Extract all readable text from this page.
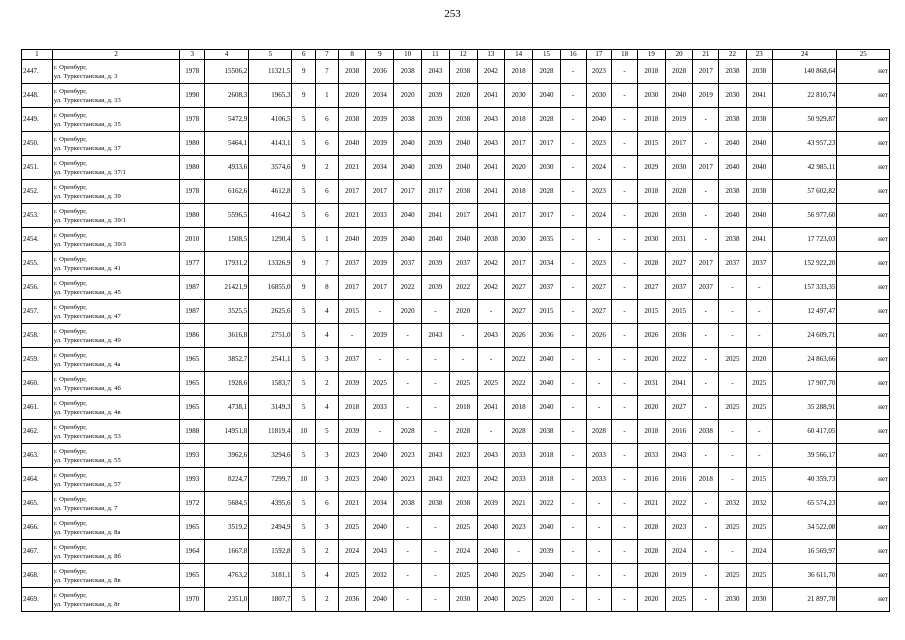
253
1	2	3	4	5	6	7	8	9	10	11	12	13	14	15	16	17	18	19	20	21	22	23	24	25
2447.	г. Оренбург,
ул. Туркестанская, д. 3	1978	15506,2	11321,5	9	7	2038	2036	2038	2043	2038	2042	2018	2028	-	2023	-	2018	2028	2017	2038	2038	140 868,64	нет
2448.	г. Оренбург,
ул. Туркестанская, д. 33	1990	2608,3	1965,3	9	1	2020	2034	2020	2039	2020	2041	2030	2040	-	2030	-	2030	2040	2019	2030	2041	22 810,74	нет
2449.	г. Оренбург,
ул. Туркестанская, д. 35	1978	5472,9	4106,5	5	6	2038	2039	2038	2039	2038	2043	2018	2028	-	2040	-	2018	2019	-	2038	2038	50 929,87	нет
2450.	г. Оренбург,
ул. Туркестанская, д. 37	1980	5464,1	4143,1	5	6	2040	2039	2040	2039	2040	2043	2017	2017	-	2023	-	2015	2017	-	2040	2040	43 957,23	нет
2451.	г. Оренбург,
ул. Туркестанская, д. 37/1	1980	4933,6	3574,6	9	2	2021	2034	2040	2039	2040	2041	2020	2030	-	2024	-	2029	2030	2017	2040	2040	42 985,11	нет
2452.	г. Оренбург,
ул. Туркестанская, д. 39	1978	6162,6	4612,8	5	6	2017	2017	2017	2017	2038	2041	2018	2028	-	2023	-	2018	2028	-	2038	2038	57 602,82	нет
2453.	г. Оренбург,
ул. Туркестанская, д. 39/1	1980	5596,5	4164,2	5	6	2021	2033	2040	2041	2017	2041	2017	2017	-	2024	-	2020	2030	-	2040	2040	56 977,60	нет
2454.	г. Оренбург,
ул. Туркестанская, д. 39/3	2010	1508,5	1290,4	5	1	2040	2039	2040	2040	2040	2038	2030	2035	-	-	-	2030	2031	-	2038	2041	17 723,03	нет
2455.	г. Оренбург,
ул. Туркестанская, д. 41	1977	17931,2	13326,9	9	7	2037	2039	2037	2039	2037	2042	2017	2034	-	2023	-	2028	2027	2017	2037	2037	152 922,20	нет
2456.	г. Оренбург,
ул. Туркестанская, д. 45	1987	21421,9	16855,0	9	8	2017	2017	2022	2039	2022	2042	2027	2037	-	2027	-	2027	2037	2037	-	-	157 333,35	нет
2457.	г. Оренбург,
ул. Туркестанская, д. 47	1987	3525,5	2625,6	5	4	2015	-	2020	-	2020	-	2027	2015	-	2027	-	2015	2015	-	-	-	12 497,47	нет
2458.	г. Оренбург,
ул. Туркестанская, д. 49	1986	3616,8	2751,0	5	4	-	2039	-	2043	-	2043	2026	2036	-	2026	-	2026	2036	-	-	-	24 609,71	нет
2459.	г. Оренбург,
ул. Туркестанская, д. 4а	1965	3852,7	2541,1	5	3	2037	-	-	-	-	-	2022	2040	-	-	-	2020	2022	-	2025	2020	24 863,66	нет
2460.	г. Оренбург,
ул. Туркестанская, д. 4б	1965	1928,6	1583,7	5	2	2039	2025	-	-	2025	2025	2022	2040	-	-	-	2031	2041	-	-	2025	17 907,70	нет
2461.	г. Оренбург,
ул. Туркестанская, д. 4в	1965	4738,1	3149,3	5	4	2018	2033	-	-	2018	2041	2018	2040	-	-	-	2020	2027	-	2025	2025	35 288,91	нет
2462.	г. Оренбург,
ул. Туркестанская, д. 53	1988	14951,8	11819,4	10	5	2039	-	2028	-	2028	-	2028	2038	-	2028	-	2018	2016	2038	-	-	60 417,05	нет
2463.	г. Оренбург,
ул. Туркестанская, д. 55	1993	3962,6	3294,6	5	3	2023	2040	2023	2043	2023	2043	2033	2018	-	2033	-	2033	2043	-	-	-	39 566,17	нет
2464.	г. Оренбург,
ул. Туркестанская, д. 57	1993	8224,7	7299,7	10	3	2023	2040	2023	2043	2023	2042	2033	2018	-	2033	-	2016	2016	2018	-	2015	40 359,73	нет
2465.	г. Оренбург,
ул. Туркестанская, д. 7	1972	5684,5	4395,6	5	6	2021	2034	2038	2038	2038	2039	2021	2022	-	-	-	2021	2022	-	2032	2032	65 574,23	нет
2466.	г. Оренбург,
ул. Туркестанская, д. 8а	1965	3519,2	2494,9	5	3	2025	2040	-	-	2025	2040	2023	2040	-	-	-	2028	2023	-	2025	2025	34 522,08	нет
2467.	г. Оренбург,
ул. Туркестанская, д. 8б	1964	1667,8	1592,8	5	2	2024	2043	-	-	2024	2040	-	2039	-	-	-	2028	2024	-	-	2024	16 569,97	нет
2468.	г. Оренбург,
ул. Туркестанская, д. 8в	1965	4763,2	3181,1	5	4	2025	2032	-	-	2025	2040	2025	2040	-	-	-	2020	2019	-	2025	2025	36 611,70	нет
2469.	г. Оренбург,
ул. Туркестанская, д. 8г	1970	2351,0	1807,7	5	2	2036	2040	-	-	2030	2040	2025	2020	-	-	-	2020	2025	-	2030	2030	21 897,78	нет
